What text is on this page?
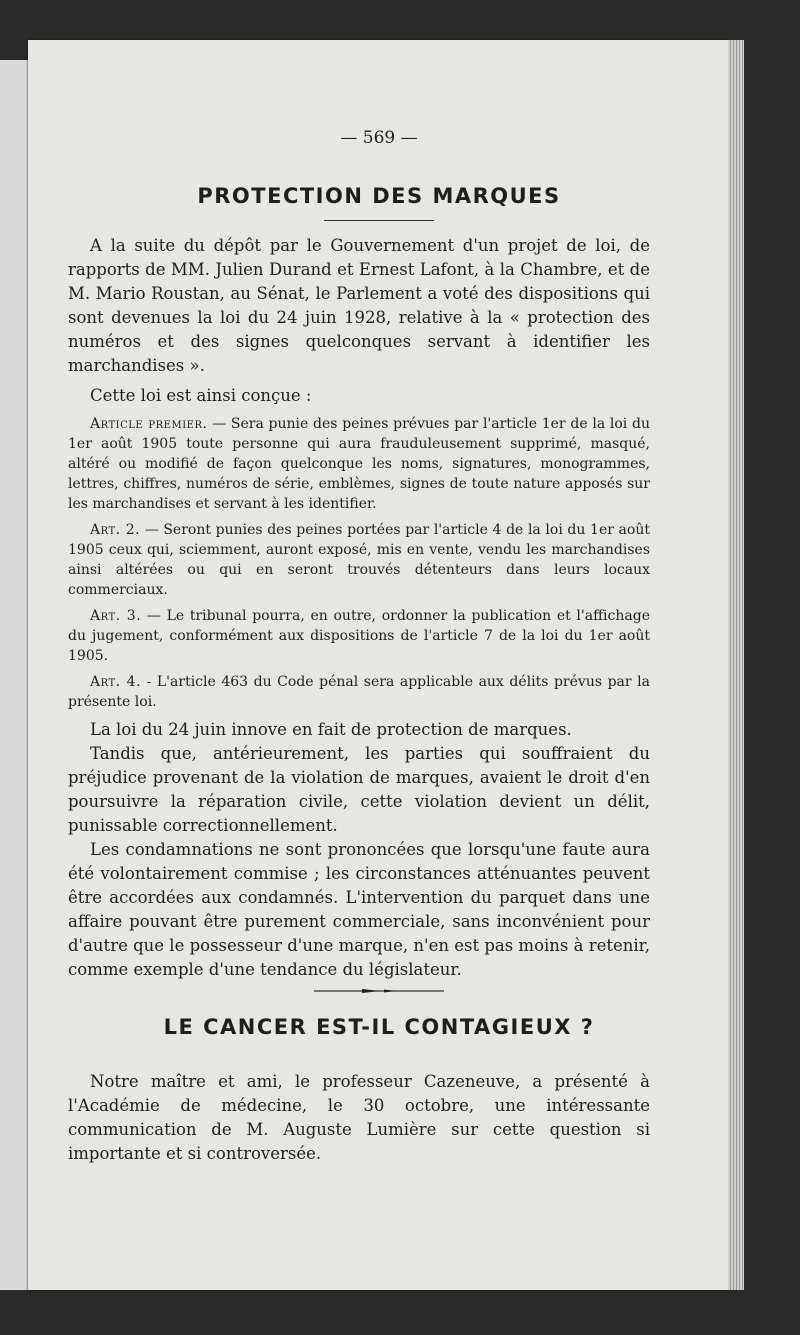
— 569 —
PROTECTION DES MARQUES

A la suite du dépôt par le Gouvernement d'un projet de loi, de rapports de MM. Julien Durand et Ernest Lafont, à la Chambre, et de M. Mario Roustan, au Sénat, le Parlement a voté des dispositions qui sont devenues la loi du 24 juin 1928, relative à la « protection des numéros et des signes quelconques servant à identifier les marchandises ».

Cette loi est ainsi conçue :

Article premier. — Sera punie des peines prévues par l'article 1er de la loi du 1er août 1905 toute personne qui aura frauduleusement supprimé, masqué, altéré ou modifié de façon quelconque les noms, signatures, monogrammes, lettres, chiffres, numéros de série, emblèmes, signes de toute nature apposés sur les marchandises et servant à les identifier.

Art. 2. — Seront punies des peines portées par l'article 4 de la loi du 1er août 1905 ceux qui, sciemment, auront exposé, mis en vente, vendu les marchandises ainsi altérées ou qui en seront trouvés détenteurs dans leurs locaux commerciaux.

Art. 3. — Le tribunal pourra, en outre, ordonner la publication et l'affichage du jugement, conformément aux dispositions de l'article 7 de la loi du 1er août 1905.

Art. 4. - L'article 463 du Code pénal sera applicable aux délits prévus par la présente loi.

La loi du 24 juin innove en fait de protection de marques.

Tandis que, antérieurement, les parties qui souffraient du préjudice provenant de la violation de marques, avaient le droit d'en poursuivre la réparation civile, cette violation devient un délit, punissable correctionnellement.

Les condamnations ne sont prononcées que lorsqu'une faute aura été volontairement commise ; les circonstances atténuantes peuvent être accordées aux condamnés. L'intervention du parquet dans une affaire pouvant être purement commerciale, sans inconvénient pour d'autre que le possesseur d'une marque, n'en est pas moins à retenir, comme exemple d'une tendance du législateur.

LE CANCER EST-IL CONTAGIEUX ?

Notre maître et ami, le professeur Cazeneuve, a présenté à l'Académie de médecine, le 30 octobre, une intéressante communication de M. Auguste Lumière sur cette question si importante et si controversée.
